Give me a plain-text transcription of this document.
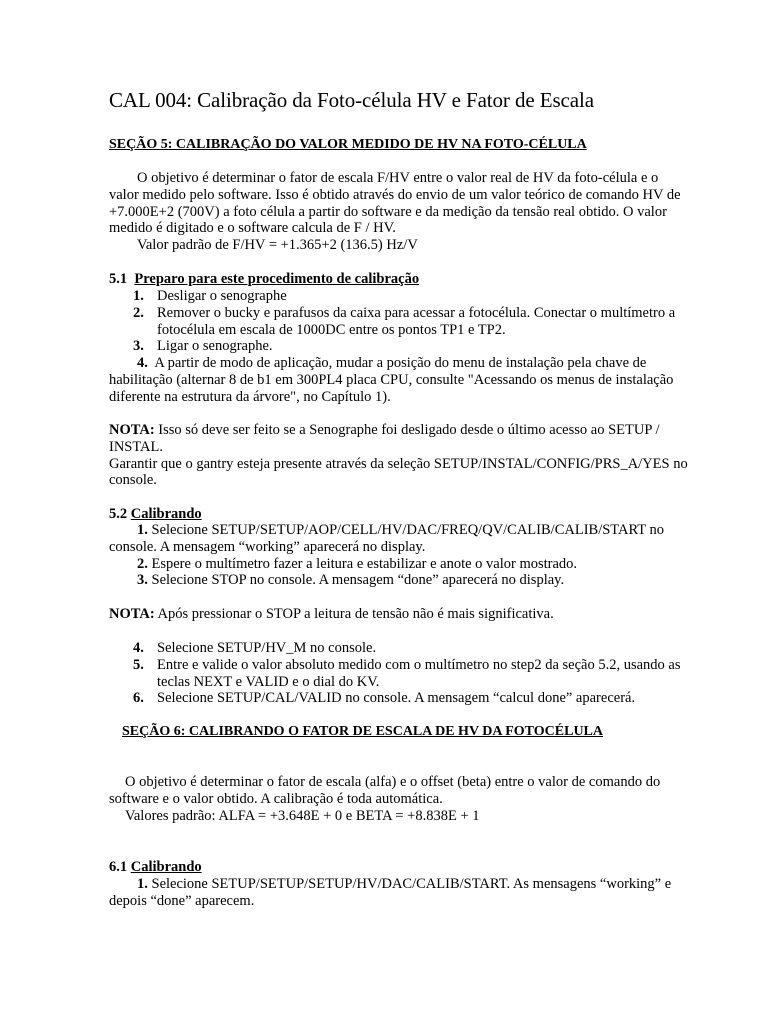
CAL 004: Calibração da Foto-célula HV e Fator de Escala

SEÇÃO 5: CALIBRAÇÃO DO VALOR MEDIDO DE HV NA FOTO-CÉLULA

O objetivo é determinar o fator de escala F/HV entre o valor real de HV da foto-célula e o valor medido pelo software. Isso é obtido através do envio de um valor teórico de comando HV de +7.000E+2 (700V) a foto célula a partir do software e da medição da tensão real obtido. O valor medido é digitado e o software calcula de F / HV.

Valor padrão de F/HV = +1.365+2 (136.5) Hz/V

5.1 Preparo para este procedimento de calibração

1. Desligar o senographe
2. Remover o bucky e parafusos da caixa para acessar a fotocélula. Conectar o multímetro a fotocélula em escala de 1000DC entre os pontos TP1 e TP2.
3. Ligar o senographe.

4. A partir de modo de aplicação, mudar a posição do menu de instalação pela chave de habilitação (alternar 8 de b1 em 300PL4 placa CPU, consulte "Acessando os menus de instalação diferente na estrutura da árvore", no Capítulo 1).

NOTA: Isso só deve ser feito se a Senographe foi desligado desde o último acesso ao SETUP / INSTAL.

Garantir que o gantry esteja presente através da seleção SETUP/INSTAL/CONFIG/PRS_A/YES no console.

5.2 Calibrando

1. Selecione SETUP/SETUP/AOP/CELL/HV/DAC/FREQ/QV/CALIB/CALIB/START no console. A mensagem “working” aparecerá no display.

2. Espere o multímetro fazer a leitura e estabilizar e anote o valor mostrado.

3. Selecione STOP no console. A mensagem “done” aparecerá no display.

NOTA: Após pressionar o STOP a leitura de tensão não é mais significativa.

4. Selecione SETUP/HV_M no console.
5. Entre e valide o valor absoluto medido com o multímetro no step2 da seção 5.2, usando as teclas NEXT e VALID e o dial do KV.
6. Selecione SETUP/CAL/VALID no console. A mensagem “calcul done” aparecerá.

SEÇÃO 6: CALIBRANDO O FATOR DE ESCALA DE HV DA FOTOCÉLULA

O objetivo é determinar o fator de escala (alfa) e o offset (beta) entre o valor de comando do software e o valor obtido. A calibração é toda automática.

Valores padrão: ALFA = +3.648E + 0 e BETA = +8.838E + 1

6.1 Calibrando

1. Selecione SETUP/SETUP/SETUP/HV/DAC/CALIB/START. As mensagens “working” e depois “done” aparecem.
